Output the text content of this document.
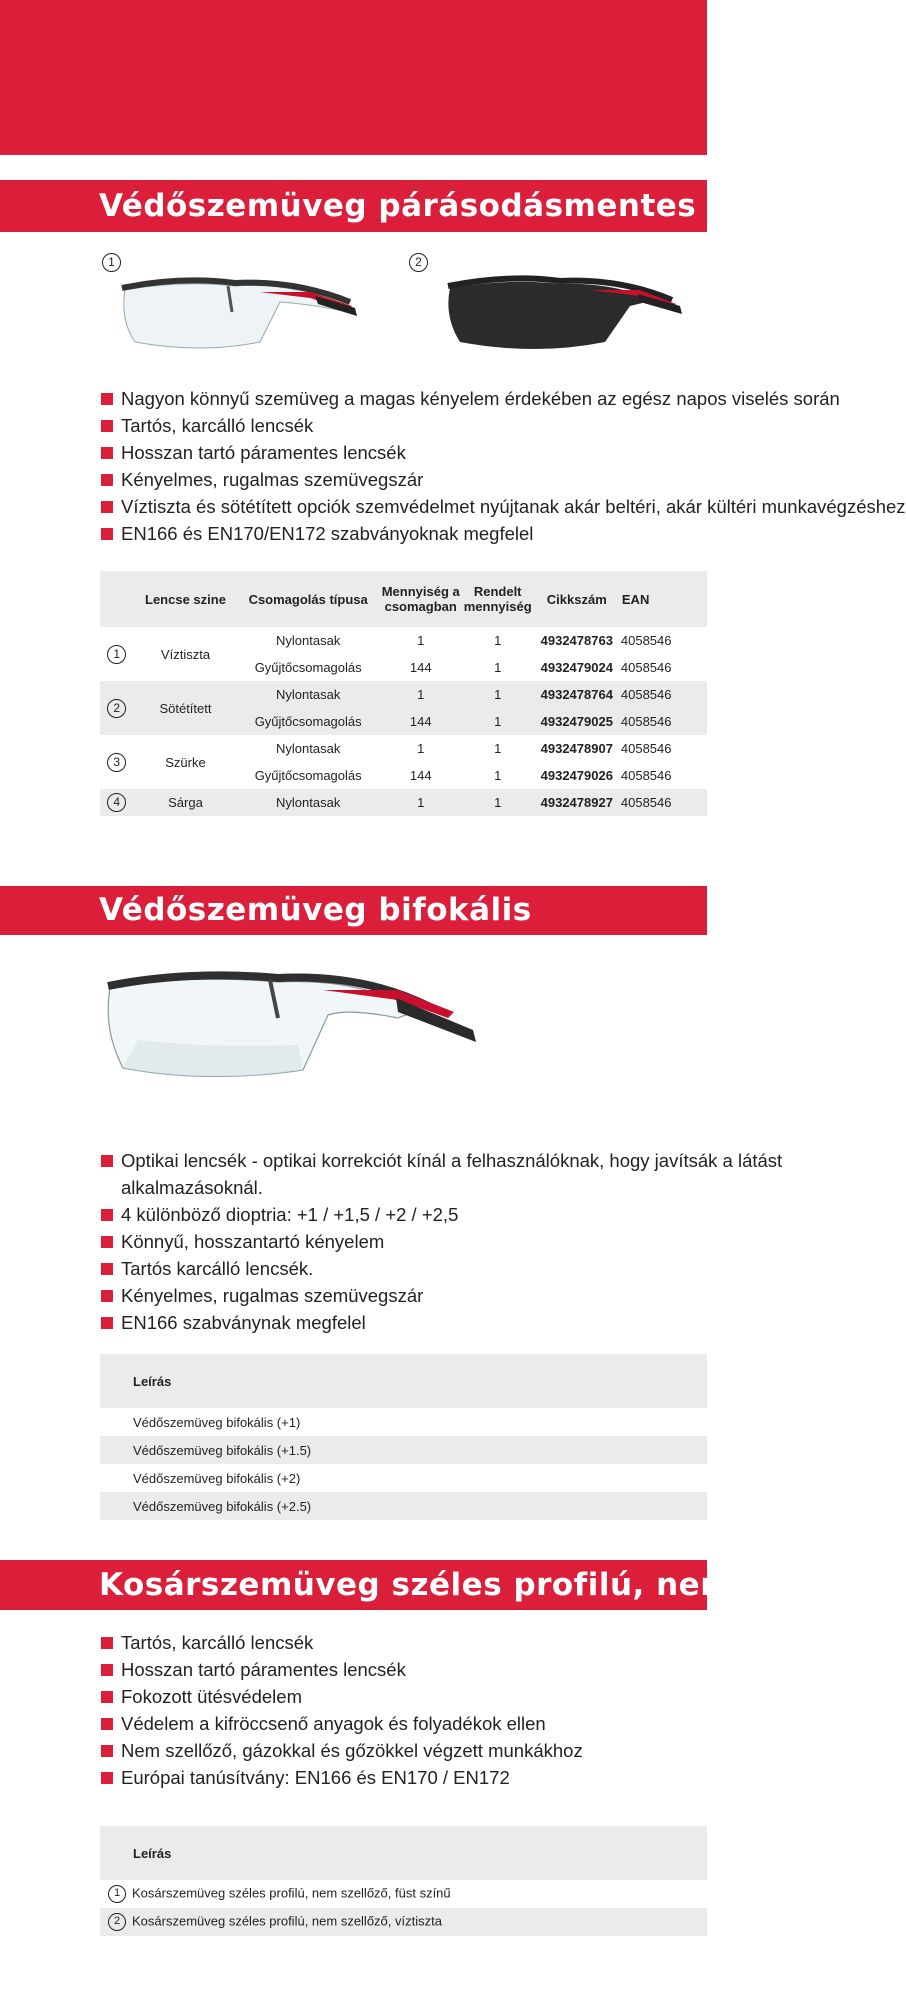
Védőszemüveg párásodásmentes
1	2
Nagyon könnyű szemüveg a magas kényelem érdekében az egész napos viselés során
Tartós, karcálló lencsék
Hosszan tartó páramentes lencsék
Kényelmes, rugalmas szemüvegszár
Víztiszta és sötétített opciók szemvédelmet nyújtanak akár beltéri, akár kültéri munkavégzéshez
EN166 és EN170/EN172 szabványoknak megfelel
	Lencse szine	Csomagolás típusa	Mennyiség a csomagban	Rendelt mennyiség	Cikkszám	EAN
1	Víztiszta	Nylontasak	1	1	4932478763	4058546
		Gyűjtőcsomagolás	144	1	4932479024	4058546
2	Sötétített	Nylontasak	1	1	4932478764	4058546
		Gyűjtőcsomagolás	144	1	4932479025	4058546
3	Szürke	Nylontasak	1	1	4932478907	4058546
		Gyűjtőcsomagolás	144	1	4932479026	4058546
4	Sárga	Nylontasak	1	1	4932478927	4058546
Védőszemüveg bifokális
Optikai lencsék - optikai korrekciót kínál a felhasználóknak, hogy javítsák a látást
alkalmazásoknál.
4 különböző dioptria: +1 / +1,5 / +2 / +2,5
Könnyű, hosszantartó kényelem
Tartós karcálló lencsék.
Kényelmes, rugalmas szemüvegszár
EN166 szabványnak megfelel
Leírás
Védőszemüveg bifokális (+1)
Védőszemüveg bifokális (+1.5)
Védőszemüveg bifokális (+2)
Védőszemüveg bifokális (+2.5)
Kosárszemüveg széles profilú, nem szellőző
Tartós, karcálló lencsék
Hosszan tartó páramentes lencsék
Fokozott ütésvédelem
Védelem a kifröccsenő anyagok és folyadékok ellen
Nem szellőző, gázokkal és gőzökkel végzett munkákhoz
Európai tanúsítvány: EN166 és EN170 / EN172
Leírás
1 Kosárszemüveg széles profilú, nem szellőző, füst színű
2 Kosárszemüveg széles profilú, nem szellőző, víztiszta
